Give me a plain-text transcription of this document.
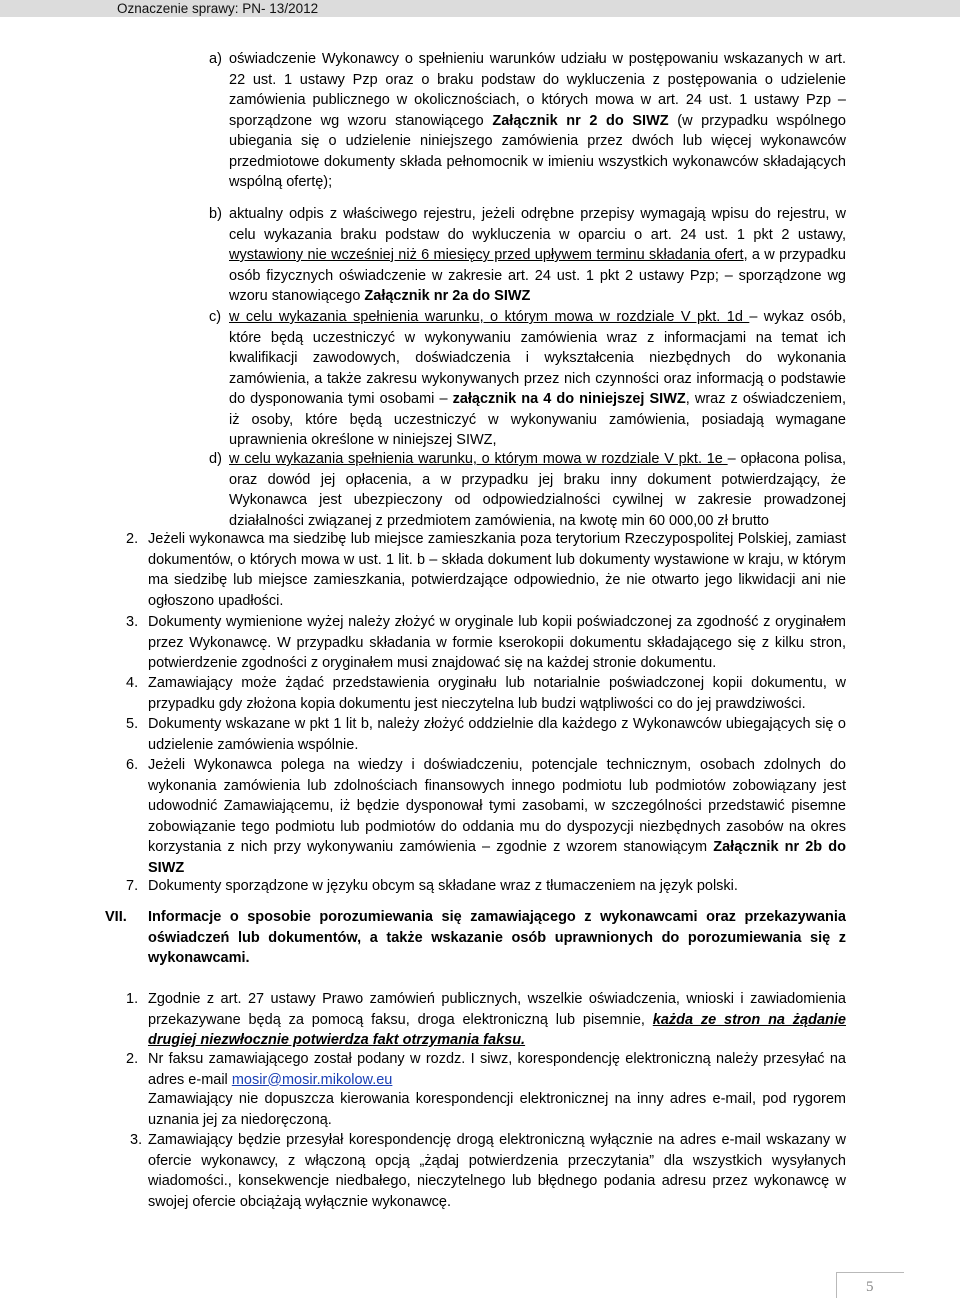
Oznaczenie sprawy: PN- 13/2012
a) oświadczenie Wykonawcy o spełnieniu warunków udziału w postępowaniu wskazanych w art. 22 ust. 1 ustawy Pzp oraz o braku podstaw do wykluczenia z postępowania o udzielenie zamówienia publicznego w okolicznościach, o których mowa w art. 24 ust. 1 ustawy Pzp – sporządzone wg wzoru stanowiącego Załącznik nr 2 do SIWZ (w przypadku wspólnego ubiegania się o udzielenie niniejszego zamówienia przez dwóch lub więcej wykonawców przedmiotowe dokumenty składa pełnomocnik w imieniu wszystkich wykonawców składających wspólną ofertę);
b) aktualny odpis z właściwego rejestru, jeżeli odrębne przepisy wymagają wpisu do rejestru, w celu wykazania braku podstaw do wykluczenia w oparciu o art. 24 ust. 1 pkt 2 ustawy, wystawiony nie wcześniej niż 6 miesięcy przed upływem terminu składania ofert, a w przypadku osób fizycznych oświadczenie w zakresie art. 24 ust. 1 pkt 2 ustawy Pzp; – sporządzone wg wzoru stanowiącego Załącznik nr 2a do SIWZ
c) w celu wykazania spełnienia warunku, o którym mowa w rozdziale V pkt. 1d – wykaz osób, które będą uczestniczyć w wykonywaniu zamówienia wraz z informacjami na temat ich kwalifikacji zawodowych, doświadczenia i wykształcenia niezbędnych do wykonania zamówienia, a także zakresu wykonywanych przez nich czynności oraz informacją o podstawie do dysponowania tymi osobami – załącznik na 4 do niniejszej SIWZ, wraz z oświadczeniem, iż osoby, które będą uczestniczyć w wykonywaniu zamówienia, posiadają wymagane uprawnienia określone w niniejszej SIWZ,
d) w celu wykazania spełnienia warunku, o którym mowa w rozdziale V pkt. 1e – opłacona polisa, oraz dowód jej opłacenia, a w przypadku jej braku inny dokument potwierdzający, że Wykonawca jest ubezpieczony od odpowiedzialności cywilnej w zakresie prowadzonej działalności związanej z przedmiotem zamówienia, na kwotę min 60 000,00 zł brutto
2. Jeżeli wykonawca ma siedzibę lub miejsce zamieszkania poza terytorium Rzeczypospolitej Polskiej, zamiast dokumentów, o których mowa w ust. 1 lit. b – składa dokument lub dokumenty wystawione w kraju, w którym ma siedzibę lub miejsce zamieszkania, potwierdzające odpowiednio, że nie otwarto jego likwidacji ani nie ogłoszono upadłości.
3. Dokumenty wymienione wyżej należy złożyć w oryginale lub kopii poświadczonej za zgodność z oryginałem przez Wykonawcę. W przypadku składania w formie kserokopii dokumentu składającego się z kilku stron, potwierdzenie zgodności z oryginałem musi znajdować się na każdej stronie dokumentu.
4. Zamawiający może żądać przedstawienia oryginału lub notarialnie poświadczonej kopii dokumentu, w przypadku gdy złożona kopia dokumentu jest nieczytelna lub budzi wątpliwości co do jej prawdziwości.
5. Dokumenty wskazane w pkt 1 lit b, należy złożyć oddzielnie dla każdego z Wykonawców ubiegających się o udzielenie zamówienia wspólnie.
6. Jeżeli Wykonawca polega na wiedzy i doświadczeniu, potencjale technicznym, osobach zdolnych do wykonania zamówienia lub zdolnościach finansowych innego podmiotu lub podmiotów zobowiązany jest udowodnić Zamawiającemu, iż będzie dysponował tymi zasobami, w szczególności przedstawić pisemne zobowiązanie tego podmiotu lub podmiotów do oddania mu do dyspozycji niezbędnych zasobów na okres korzystania z nich przy wykonywaniu zamówienia – zgodnie z wzorem stanowiącym Załącznik nr 2b do SIWZ
7. Dokumenty sporządzone w języku obcym są składane wraz z tłumaczeniem na język polski.
VII. Informacje o sposobie porozumiewania się zamawiającego z wykonawcami oraz przekazywania oświadczeń lub dokumentów, a także wskazanie osób uprawnionych do porozumiewania się z wykonawcami.
1. Zgodnie z art. 27 ustawy Prawo zamówień publicznych, wszelkie oświadczenia, wnioski i zawiadomienia przekazywane będą za pomocą faksu, droga elektroniczną lub pisemnie, każda ze stron na żądanie drugiej niezwłocznie potwierdza fakt otrzymania faksu.
2. Nr faksu zamawiającego został podany w rozdz. I siwz, korespondencję elektroniczną należy przesyłać na adres e-mail mosir@mosir.mikolow.eu
Zamawiający nie dopuszcza kierowania korespondencji elektronicznej na inny adres e-mail, pod rygorem uznania jej za niedoręczoną.
3. Zamawiający będzie przesyłał korespondencję drogą elektroniczną wyłącznie na adres e-mail wskazany w ofercie wykonawcy, z włączoną opcją „żądaj potwierdzenia przeczytania” dla wszystkich wysyłanych wiadomości., konsekwencje niedbałego, nieczytelnego lub błędnego podania adresu przez wykonawcę w swojej ofercie obciążają wyłącznie wykonawcę.
5
